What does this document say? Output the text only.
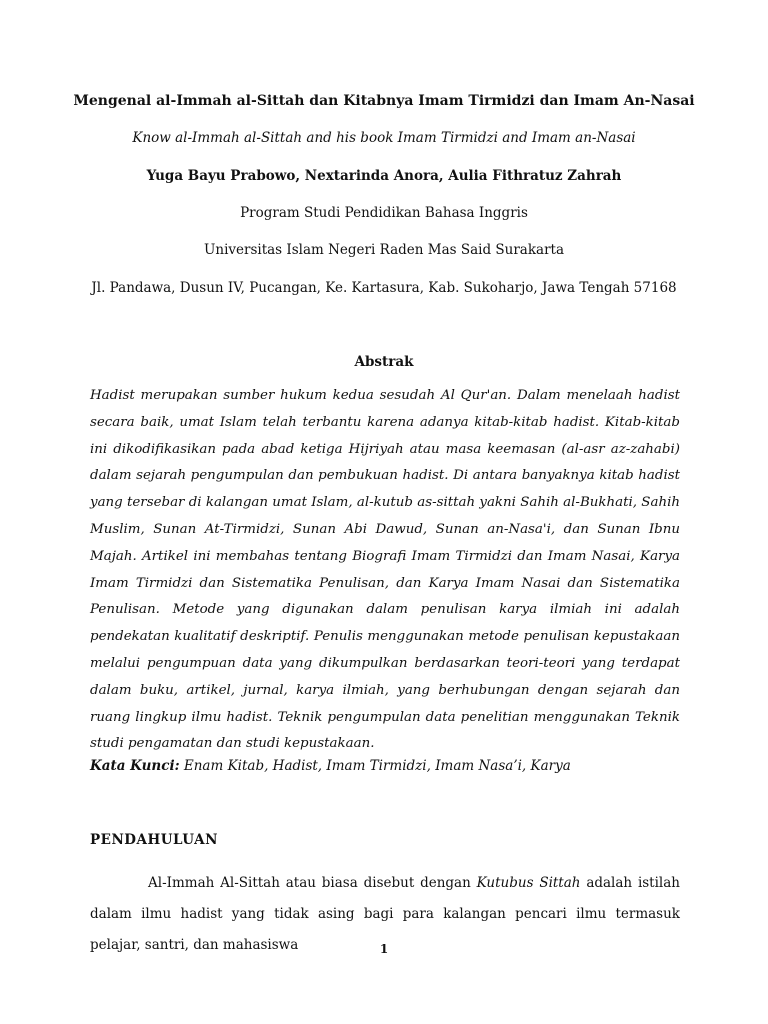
Mengenal al-Immah al-Sittah dan Kitabnya Imam Tirmidzi dan Imam An-Nasai
Know al-Immah al-Sittah and his book Imam Tirmidzi and Imam an-Nasai
Yuga Bayu Prabowo, Nextarinda Anora, Aulia Fithratuz Zahrah
Program Studi Pendidikan Bahasa Inggris
Universitas Islam Negeri Raden Mas Said Surakarta
Jl. Pandawa, Dusun IV, Pucangan, Ke. Kartasura, Kab. Sukoharjo, Jawa Tengah 57168
Abstrak
Hadist merupakan sumber hukum kedua sesudah Al Qur'an. Dalam menelaah hadist secara baik, umat Islam telah terbantu karena adanya kitab-kitab hadist. Kitab-kitab ini dikodifikasikan pada abad ketiga Hijriyah atau masa keemasan (al-asr az-zahabi) dalam sejarah pengumpulan dan pembukuan hadist. Di antara banyaknya kitab hadist yang tersebar di kalangan umat Islam, al-kutub as-sittah yakni Sahih al-Bukhati, Sahih Muslim, Sunan At-Tirmidzi, Sunan Abi Dawud, Sunan an-Nasa'i, dan Sunan Ibnu Majah. Artikel ini membahas tentang Biografi Imam Tirmidzi dan Imam Nasai, Karya Imam Tirmidzi dan Sistematika Penulisan, dan Karya Imam Nasai dan Sistematika Penulisan. Metode yang digunakan dalam penulisan karya ilmiah ini adalah pendekatan kualitatif deskriptif. Penulis menggunakan metode penulisan kepustakaan melalui pengumpuan data yang dikumpulkan berdasarkan teori-teori yang terdapat dalam buku, artikel, jurnal, karya ilmiah, yang berhubungan dengan sejarah dan ruang lingkup ilmu hadist. Teknik pengumpulan data penelitian menggunakan Teknik studi pengamatan dan studi kepustakaan.
Kata Kunci: Enam Kitab, Hadist, Imam Tirmidzi, Imam Nasa’i, Karya
PENDAHULUAN
Al-Immah Al-Sittah atau biasa disebut dengan Kutubus Sittah adalah istilah dalam ilmu hadist yang tidak asing bagi para kalangan pencari ilmu termasuk pelajar, santri, dan mahasiswa	1
